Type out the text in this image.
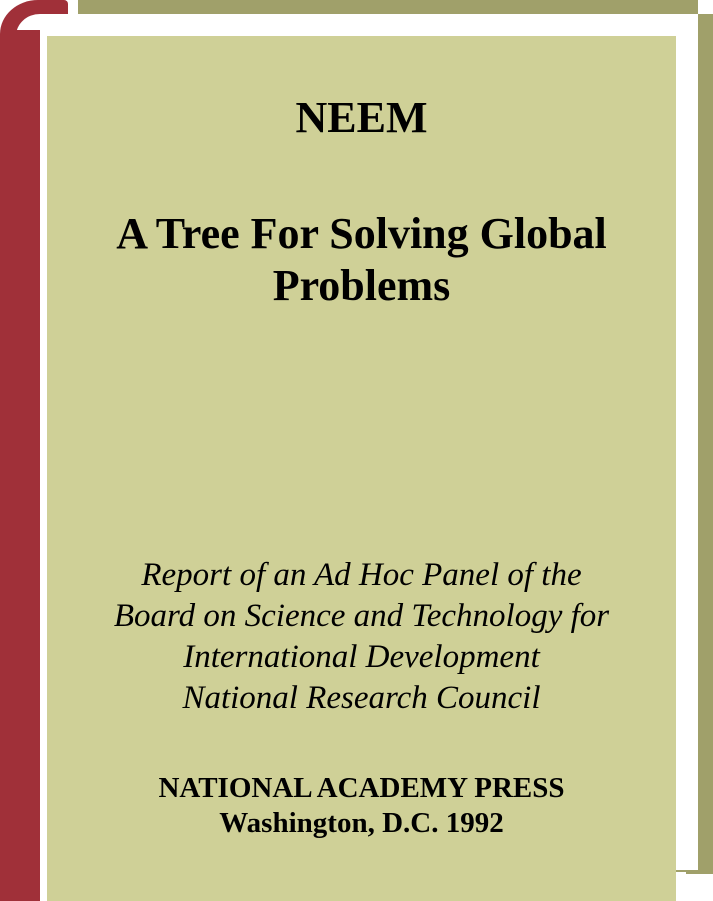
NEEM
A Tree For Solving Global Problems
Report of an Ad Hoc Panel of the
Board on Science and Technology for
International Development
National Research Council
NATIONAL ACADEMY PRESS
Washington, D.C. 1992
